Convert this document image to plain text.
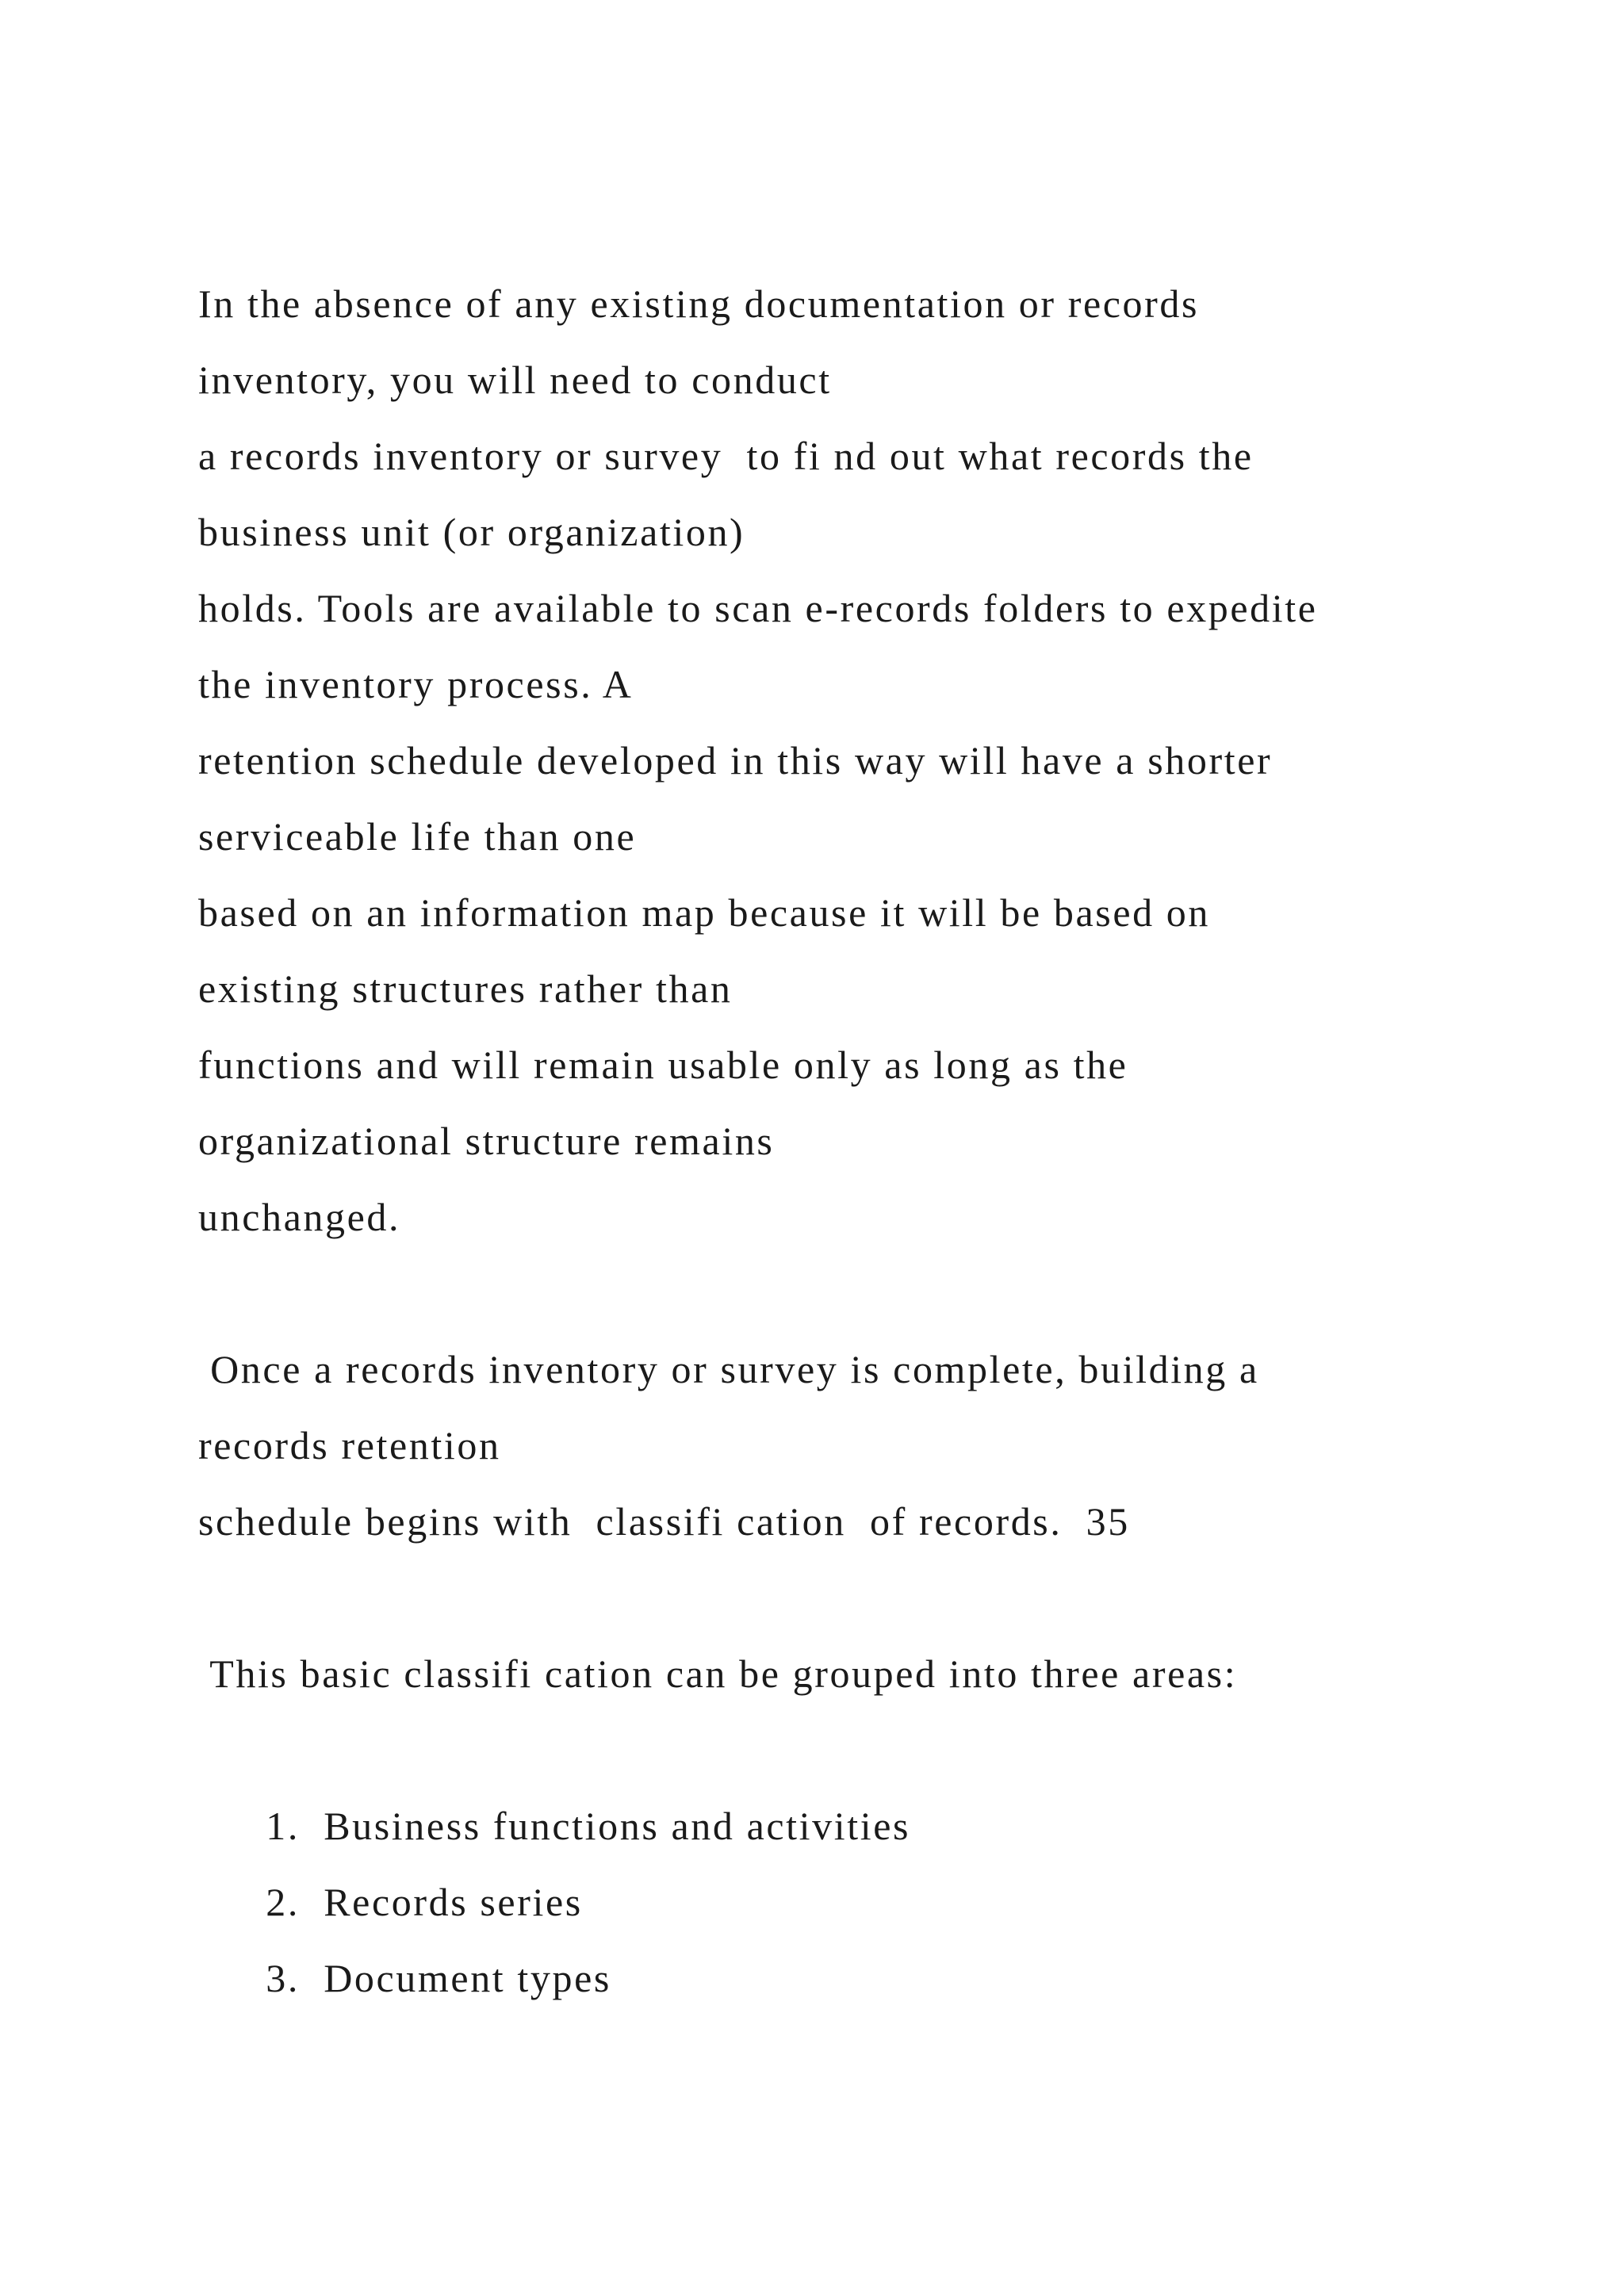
In the absence of any existing documentation or records
inventory, you will need to conduct
a records inventory or survey  to fi nd out what records the
business unit (or organization)
holds. Tools are available to scan e-records folders to expedite
the inventory process. A
retention schedule developed in this way will have a shorter
serviceable life than one
based on an information map because it will be based on
existing structures rather than
functions and will remain usable only as long as the
organizational structure remains
unchanged.
Once a records inventory or survey is complete, building a
records retention
schedule begins with  classifi cation  of records.  35
This basic classifi cation can be grouped into three areas:
1. Business functions and activities
2. Records series
3. Document types
